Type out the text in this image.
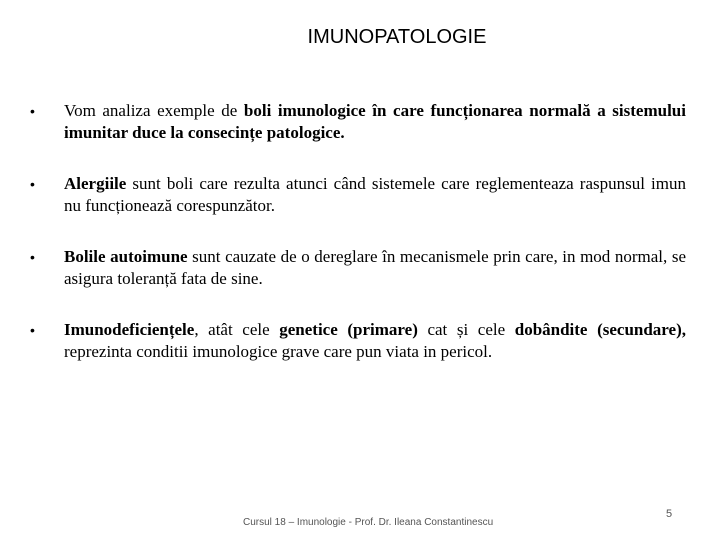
IMUNOPATOLOGIE
•	Vom analiza exemple de boli imunologice în care funcționarea normală a sistemului imunitar duce la consecințe patologice.
•	Alergiile sunt boli care rezulta atunci când sistemele care reglementeaza raspunsul imun nu funcționează corespunzător.
•	Bolile autoimune sunt cauzate de o dereglare în mecanismele prin care, in mod normal, se asigura toleranță fata de sine.
•	Imunodeficiențele, atât cele genetice (primare) cat și cele dobândite (secundare), reprezinta conditii imunologice grave care pun viata in pericol.
Cursul 18 – Imunologie - Prof. Dr. Ileana Constantinescu
5
